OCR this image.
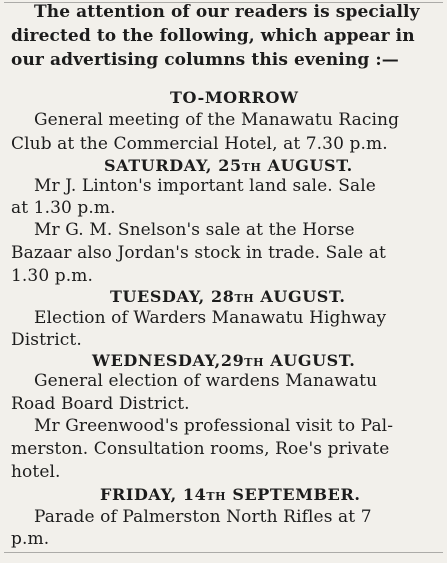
The attention of our readers is specially
directed to the following, which appear in
our advertising columns this evening :—
TO-MORROW
General meeting of the Manawatu Racing
Club at the Commercial Hotel, at 7.30 p.m.
SATURDAY, 25th AUGUST.
Mr J. Linton's important land sale. Sale
at 1.30 p.m.
Mr G. M. Snelson's sale at the Horse
Bazaar also Jordan's stock in trade. Sale at
1.30 p.m.
TUESDAY, 28th AUGUST.
Election of Warders Manawatu Highway
District.
WEDNESDAY,29th AUGUST.
General election of wardens Manawatu
Road Board District.
Mr Greenwood's professional visit to Pal-
merston. Consultation rooms, Roe's private
hotel.
FRIDAY, 14th SEPTEMBER.
Parade of Palmerston North Rifles at 7
p.m.
